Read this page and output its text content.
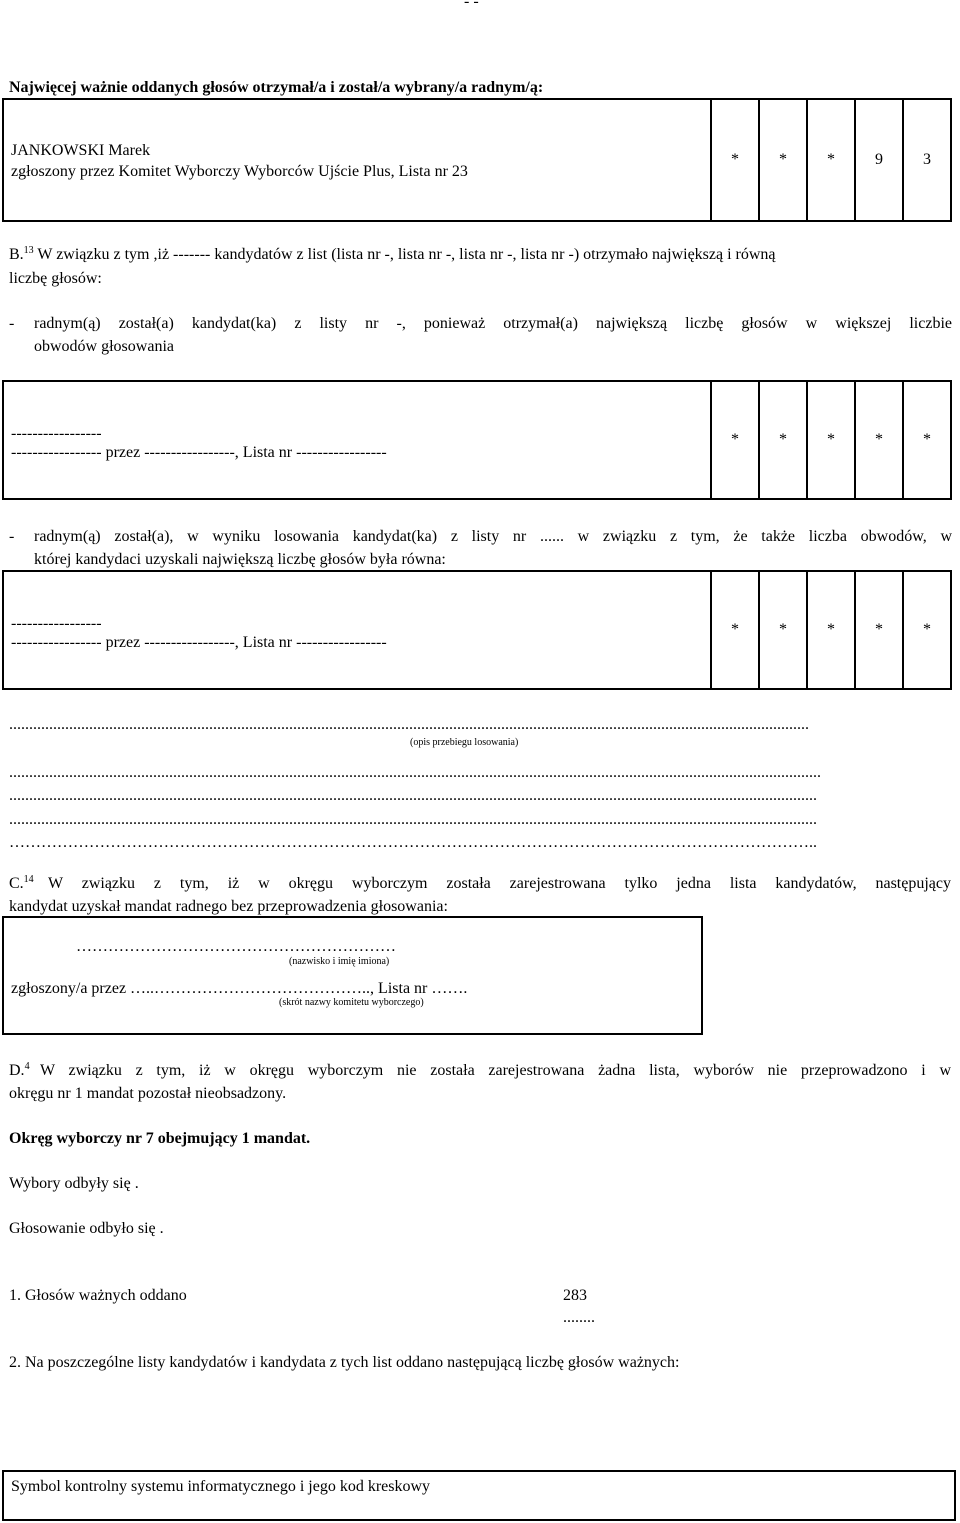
- -
Najwięcej ważnie oddanych głosów otrzymał/a i został/a wybrany/a radnym/ą:
JANKOWSKI Marek
zgłoszony przez Komitet Wyborczy Wyborców Ujście Plus, Lista nr 23
*	*	*	9	3
B.$^{13}$ W związku z tym ,iż ------- kandydatów z list (lista nr -, lista nr -, lista nr -, lista nr -) otrzymało największą i równą
liczbę głosów:
- radnym(ą) został(a) kandydat(ka) z listy nr -, ponieważ otrzymał(a) największą liczbę głosów w większej liczbie
obwodów głosowania
-----------------
----------------- przez -----------------, Lista nr -----------------
*	*	*	*	*
- radnym(ą) został(a), w wyniku losowania kandydat(ka) z listy nr ...... w związku z tym, że także liczba obwodów, w
której kandydaci uzyskali największą liczbę głosów była równa:
-----------------
----------------- przez -----------------, Lista nr -----------------
*	*	*	*	*
........................................................................................................................................................................................................
(opis przebiegu losowania)
...........................................................................................................................................................................................................
..........................................................................................................................................................................................................
..........................................................................................................................................................................................................
……………………………………………………………………………………………………………………………………..
C.$^{14}$ W związku z tym, iż w okręgu wyborczym została zarejestrowana tylko jedna lista kandydatów, następujący
kandydat uzyskał mandat radnego bez przeprowadzenia głosowania:
……………………………………………………
(nazwisko i imię imiona)
zgłoszony/a przez …..………………………………….., Lista nr …….
(skrót nazwy komitetu wyborczego)
D.$^4$ W związku z tym, iż w okręgu wyborczym nie została zarejestrowana żadna lista, wyborów nie przeprowadzono i w
okręgu nr 1 mandat pozostał nieobsadzony.
Okręg wyborczy nr 7 obejmujący 1 mandat.
Wybory odbyły się .
Głosowanie odbyło się .
1. Głosów ważnych oddano	283
........
2. Na poszczególne listy kandydatów i kandydata z tych list oddano następującą liczbę głosów ważnych:
Symbol kontrolny systemu informatycznego i jego kod kreskowy
